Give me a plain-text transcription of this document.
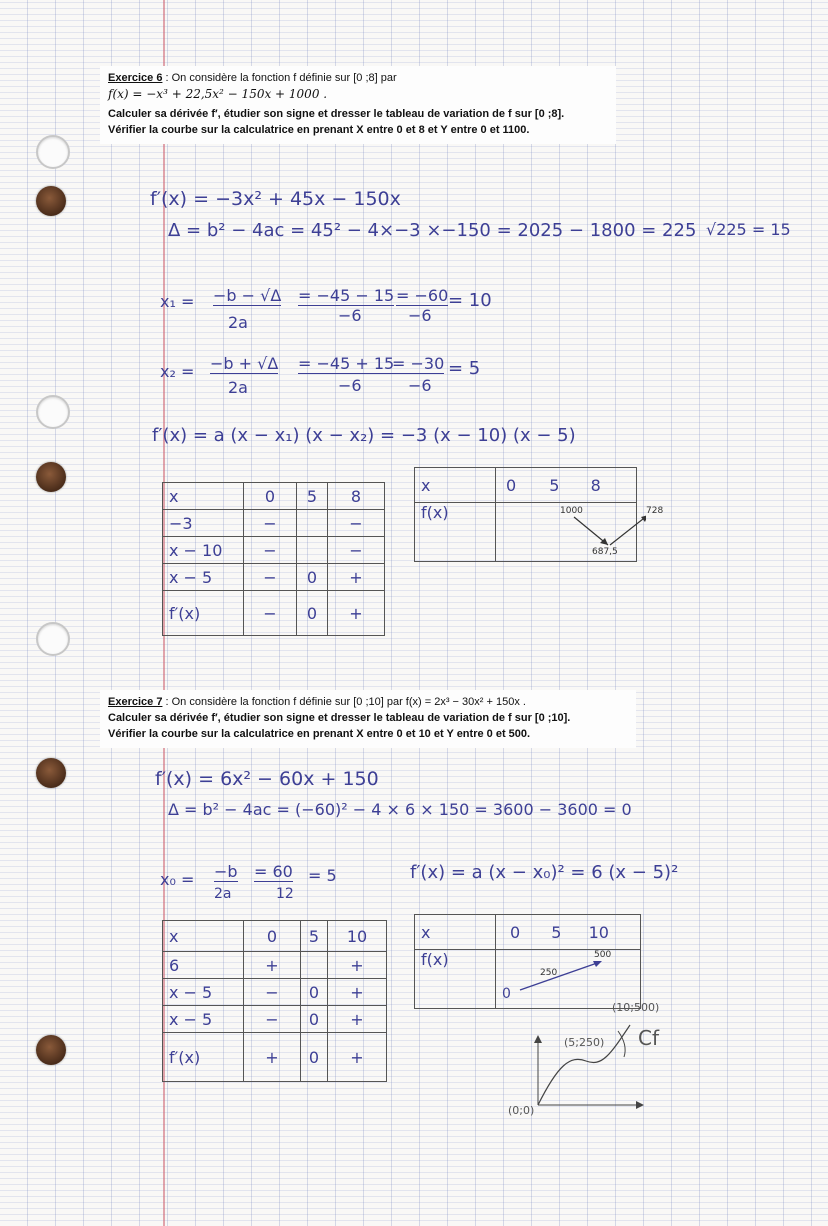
Exercice 6 : On considère la fonction f définie sur [0 ;8] par

f(x) = −x³ + 22,5x² − 150x + 1000 .

Calculer sa dérivée f′, étudier son signe et dresser le tableau de variation de f sur [0 ;8].

Vérifier la courbe sur la calculatrice en prenant X entre 0 et 8 et Y entre 0 et 1100.

f′(x) = −3x² + 45x − 150x
Δ = b² − 4ac = 45² − 4×−3 ×−150 = 2025 − 1800 = 225 √225 = 15
x₁ = −b − √Δ
2a
= −45 − 15
−6
= −60
−6
= 10
x₂ = −b + √Δ
2a
= −45 + 15
−6
= −30
−6
= 5
f′(x) = a (x − x₁) (x − x₂) = −3 (x − 10) (x − 5)
x	0	5	8
−3	−		−
x − 10	−		−
x − 5	−	0	+
f′(x)	−	0	+
x	0 5 8
f(x)	1000
687,5
728

Exercice 7 : On considère la fonction f définie sur [0 ;10] par f(x) = 2x³ − 30x² + 150x .

Calculer sa dérivée f′, étudier son signe et dresser le tableau de variation de f sur [0 ;10].

Vérifier la courbe sur la calculatrice en prenant X entre 0 et 10 et Y entre 0 et 500.

f′(x) = 6x² − 60x + 150
Δ = b² − 4ac = (−60)² − 4 × 6 × 150 = 3600 − 3600 = 0
x₀ = −b
2a
= 60
12
= 5	f′(x) = a (x − x₀)² = 6 (x − 5)²
x	0	5	10
6	+		+
x − 5	−	0	+
x − 5	−	0	+
f′(x)	+	0	+
x	0 5 10
f(x)	0
250
500
(0;0)
(5;250)
(10;500)
Cf
